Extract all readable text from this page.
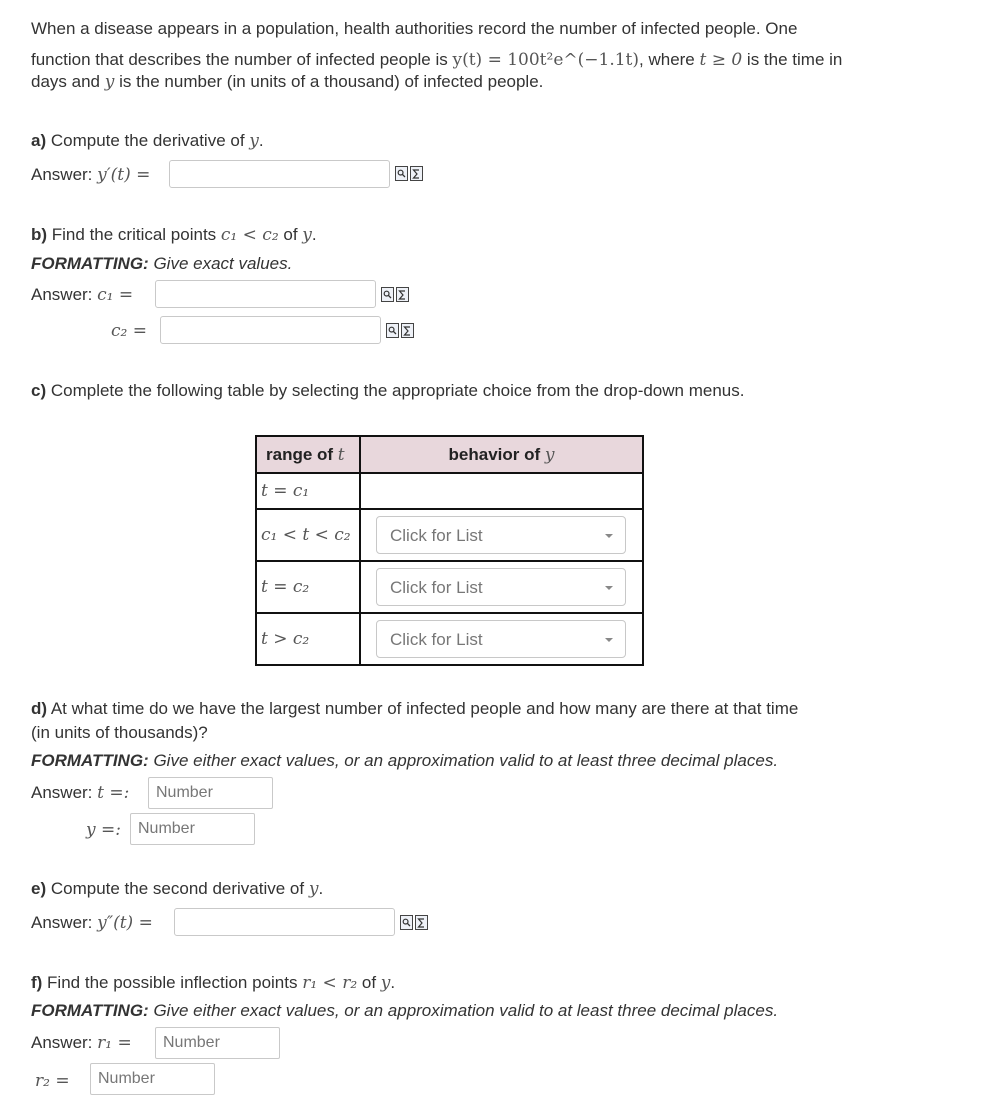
When a disease appears in a population, health authorities record the number of infected people. One
function that describes the number of infected people is y(t) = 100t²e^(−1.1t), where t ≥ 0 is the time in
days and y is the number (in units of a thousand) of infected people.
a) Compute the derivative of y.
Answer: y′(t) =
b) Find the critical points c₁ < c₂ of y.
FORMATTING: Give exact values.
Answer: c₁ =
c₂ =
c) Complete the following table by selecting the appropriate choice from the drop-down menus.
range of t	behavior of y
t = c₁	
c₁ < t < c₂	Click for List

t = c₂	Click for List

t > c₂	Click for List
d) At what time do we have the largest number of infected people and how many are there at that time
(in units of thousands)?
FORMATTING: Give either exact values, or an approximation valid to at least three decimal places.
Answer: t =:	Number
y =:	Number
e) Compute the second derivative of y.
Answer: y″(t) =
f) Find the possible inflection points r₁ < r₂ of y.
FORMATTING: Give either exact values, or an approximation valid to at least three decimal places.
Answer: r₁ =	Number
r₂ =	Number
